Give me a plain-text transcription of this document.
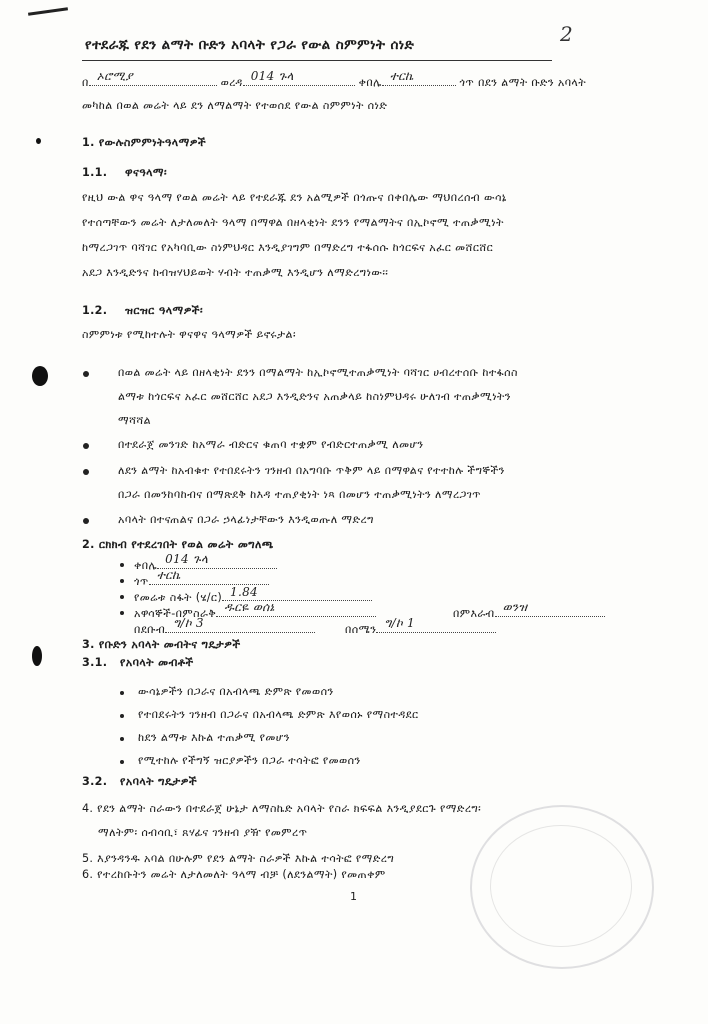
2
የተደራጁ የደን ልማት ቡድን አባላት የጋራ የውል ስምምነት ሰነድ
በ ኦሮሚያ	ወረዳ 014 ጉላ	ቀበሌ ተርኬ	ጎጥ በደን ልማት ቡድን አባላት
መካከል በወል መሬት ላይ ደን ለማልማት የተወሰደ የውል ስምምነት ሰነድ
1. የውሉስምምነትዓላማዎች
1.1. ዋናዓላማ፡
የዚህ ውል ዋና ዓላማ የወል መሬት ላይ የተደራጁ ደን አልሚዎች በጎጡና በቀበሌው ማህበረሰብ ውሳኔ
የተሰጣቸውን መሬት ለታለመለት ዓላማ በማዋል በዘላቂነት ደንን የማልማትና በኢኮኖሚ ተጠቃሚነት
ከማረጋገጥ ባሻገር የአካባቢው ስነምህዳር እንዲያገግም በማድረግ ተፋሰሱ ከጎርፍና አፈር መሸርሸር
አደጋ እንዲድንና ከብዝሃህይወት ሃብት ተጠቃሚ እንዲሆን ለማድረግነው፡፡
1.2. ዝርዝር ዓላማዎች፡
ስምምነቱ የሚከተሉት ዋናዋና ዓላማዎች ይኖሩታል፡
በወል መሬት ላይ በዘላቂነት ደንን በማልማት ከኢኮኖሚተጠቃሚነት ባሻገር ሀብረተሰቡ ከተፋሰስ
ልማቱ ከጎርፍና አፈር መሸርሸር አደጋ እንዲድንና አጠቃላይ ከስነምህዳሩ ሁለገብ ተጠቃሚነትን
ማሻሻል
በተደራጀ መንገድ ከአማራ ብድርና ቁጠባ ተቋም የብድርተጠቃሚ ለመሆን
ለደን ልማት ከአብቁተ የተበደሩትን ገንዘብ በአግባቡ ጥቅም ላይ በማዋልና የተተከሉ ችግኞችን
በጋራ በመንከባከብና በማጽደቅ ከእዳ ተጠያቂነት ነጻ በመሆን ተጠቃሚነትን ለማረጋገጥ
አባላት በተናጠልና በጋራ ኃላፊነታቸውን እንዲወጡለ ማድረግ
2. ርክክብ የተደረገበት የወል መሬት መግለጫ
ቀበሌ 014 ጉላ
ጎጥ ተርኬ
የመሬቱ ስፋት (ሄ/ር) 1.84
አዋሳኞች-በምስራቅ ዱርዬ ወሰኔ	በምእራብ ወንዝ
በደቡብ ግ/ኮ 3	በሰሜን ግ/ኮ 1
3. የቡድን አባላት መብትና ግዴታዎች
3.1. የአባላት መብቶች
ውሳኔዎችን በጋራና በአብላጫ ድምጽ የመወሰን
የተበደሩትን ገንዘብ በጋራና በአብላጫ ድምጽ እየወሰኑ የማስተዳደር
ከደን ልማቱ እኩል ተጠቃሚ የመሆን
የሚተከሉ የችግኝ ዝርያዎችን በጋራ ተሳትፎ የመወሰን
3.2. የአባላት ግዴታዎች
4. የደን ልማት ስራውን በተደራጀ ሁኔታ ለማስኬድ አባላት የስራ ክፍፍል እንዲያደርጉ የማድረግ፡
ማለትም፡ ሰብሳቢ፣ ጸሃፊና ገንዘብ ያዥ የመምረጥ
5. እያንዳንዱ አባል በሁሉም የደን ልማት ስራዎች እኩል ተሳትፎ የማድረግ
6. የተረከቡትን መሬት ለታለመለት ዓላማ ብቻ (ለደንልማት) የመጠቀም
1
